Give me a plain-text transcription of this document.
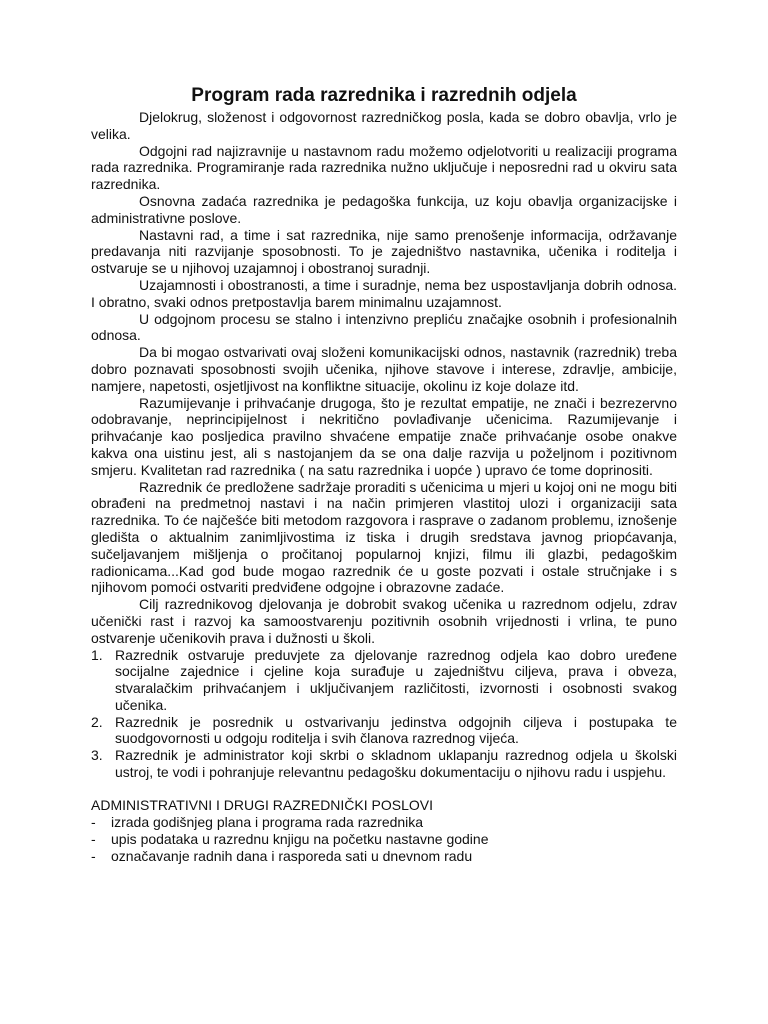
Program rada razrednika i razrednih odjela

Djelokrug, složenost i odgovornost razredničkog posla, kada se dobro obavlja, vrlo je velika.

Odgojni rad najizravnije u nastavnom radu možemo odjelotvoriti u realizaciji programa rada razrednika. Programiranje rada razrednika nužno uključuje i neposredni rad u okviru sata razrednika.

Osnovna zadaća razrednika je pedagoška funkcija, uz koju obavlja organizacijske i administrativne poslove.

Nastavni rad, a time i sat razrednika, nije samo prenošenje informacija, održavanje predavanja niti razvijanje sposobnosti. To je zajedništvo nastavnika, učenika i roditelja i ostvaruje se u njihovoj uzajamnoj i obostranoj suradnji.

Uzajamnosti i obostranosti, a time i suradnje, nema bez uspostavljanja dobrih odnosa. I obratno, svaki odnos pretpostavlja barem minimalnu uzajamnost.

U odgojnom procesu se stalno i intenzivno prepliću značajke osobnih i profesionalnih odnosa.

Da bi mogao ostvarivati ovaj složeni komunikacijski odnos, nastavnik (razrednik) treba dobro poznavati sposobnosti svojih učenika, njihove stavove i interese, zdravlje, ambicije, namjere, napetosti, osjetljivost na konfliktne situacije, okolinu iz koje dolaze itd.

Razumijevanje i prihvaćanje drugoga, što je rezultat empatije, ne znači i bezrezervno odobravanje, neprincipijelnost i nekritično povlađivanje učenicima. Razumijevanje i prihvaćanje kao posljedica pravilno shvaćene empatije znače prihvaćanje osobe onakve kakva ona uistinu jest, ali s nastojanjem da se ona dalje razvija u poželjnom i pozitivnom smjeru. Kvalitetan rad razrednika ( na satu razrednika i uopće ) upravo će tome doprinositi.

Razrednik će predložene sadržaje proraditi s učenicima u mjeri u kojoj oni ne mogu biti obrađeni na predmetnoj nastavi i na način primjeren vlastitoj ulozi i organizaciji sata razrednika. To će najčešće biti metodom razgovora i rasprave o zadanom problemu, iznošenje gledišta o aktualnim zanimljivostima iz tiska i drugih sredstava javnog priopćavanja, sučeljavanjem mišljenja o pročitanoj popularnoj knjizi, filmu ili glazbi, pedagoškim radionicama...Kad god bude mogao razrednik će u goste pozvati i ostale stručnjake i s njihovom pomoći ostvariti predviđene odgojne i obrazovne zadaće.

Cilj razrednikovog djelovanja je dobrobit svakog učenika u razrednom odjelu, zdrav učenički rast i razvoj ka samoostvarenju pozitivnih osobnih vrijednosti i vrlina, te puno ostvarenje učenikovih prava i dužnosti u školi.

1. Razrednik ostvaruje preduvjete za djelovanje razrednog odjela kao dobro uređene socijalne zajednice i cjeline koja surađuje u zajedništvu ciljeva, prava i obveza, stvaralačkim prihvaćanjem i uključivanjem različitosti, izvornosti i osobnosti svakog učenika.
2. Razrednik je posrednik u ostvarivanju jedinstva odgojnih ciljeva i postupaka te suodgovornosti u odgoju roditelja i svih članova razrednog vijeća.
3. Razrednik je administrator koji skrbi o skladnom uklapanju razrednog odjela u školski ustroj, te vodi i pohranjuje relevantnu pedagošku dokumentaciju o njihovu radu i uspjehu.
ADMINISTRATIVNI I DRUGI RAZREDNIČKI POSLOVI
- izrada godišnjeg plana i programa rada razrednika
- upis podataka u razrednu knjigu na početku nastavne godine
- označavanje radnih dana i rasporeda sati u dnevnom radu
